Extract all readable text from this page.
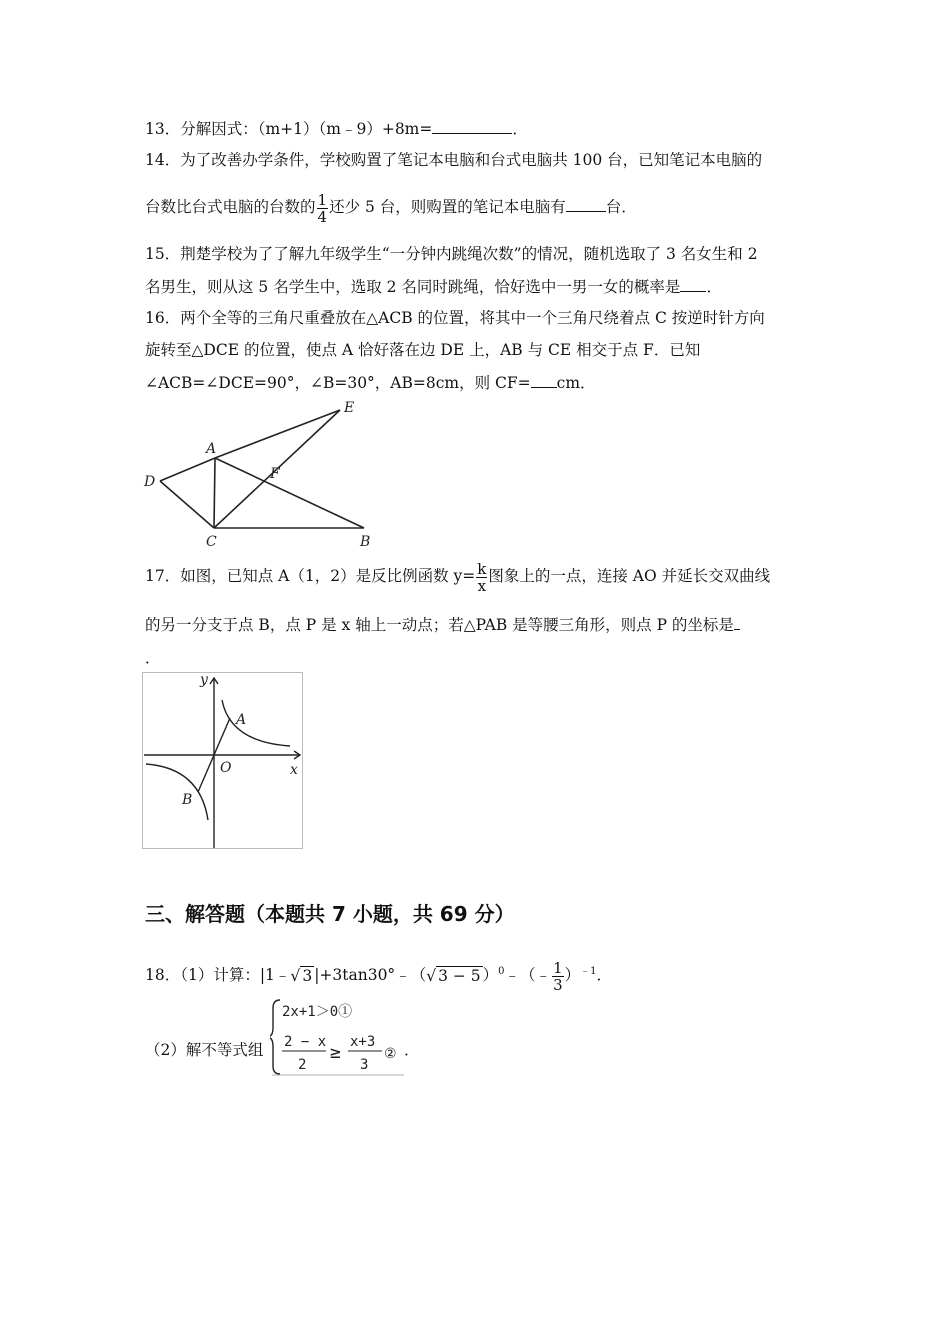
13．分解因式：（m+1）（m﹣9）+8m=	．
14．为了改善办学条件，学校购置了笔记本电脑和台式电脑共 100 台，已知笔记本电脑的
台数比台式电脑的台数的 $\frac{1}{4}$ 还少 5 台，则购置的笔记本电脑有	台．
15．荆楚学校为了了解九年级学生“一分钟内跳绳次数”的情况，随机选取了 3 名女生和 2
名男生，则从这 5 名学生中，选取 2 名同时跳绳，恰好选中一男一女的概率是 ．
16．两个全等的三角尺重叠放在△ACB 的位置，将其中一个三角尺绕着点 C 按逆时针方向
旋转至△DCE 的位置，使点 A 恰好落在边 DE 上，AB 与 CE 相交于点 F．已知
∠ACB=∠DCE=90°，∠B=30°，AB=8cm，则 CF= cm．
A
B
C
D
E
F
17．如图，已知点 A（1，2）是反比例函数 $y= \frac{k}{x}$ 图象上的一点，连接 AO 并延长交双曲线
的另一分支于点 B，点 P 是 x 轴上一动点；若△PAB 是等腰三角形，则点 P 的坐标是
．
y
x
O
A
B
三、解答题（本题共 7 小题，共 69 分）
18．（1）计算：|1﹣√ 3 |+3tan30°﹣（√ 3 − 5 ）$^0$﹣（﹣ $\frac{1}{3} )^{﹣1}$．
（2）解不等式组
2x+1＞0①
2 − x
2
≥ x+3
3
② ．
